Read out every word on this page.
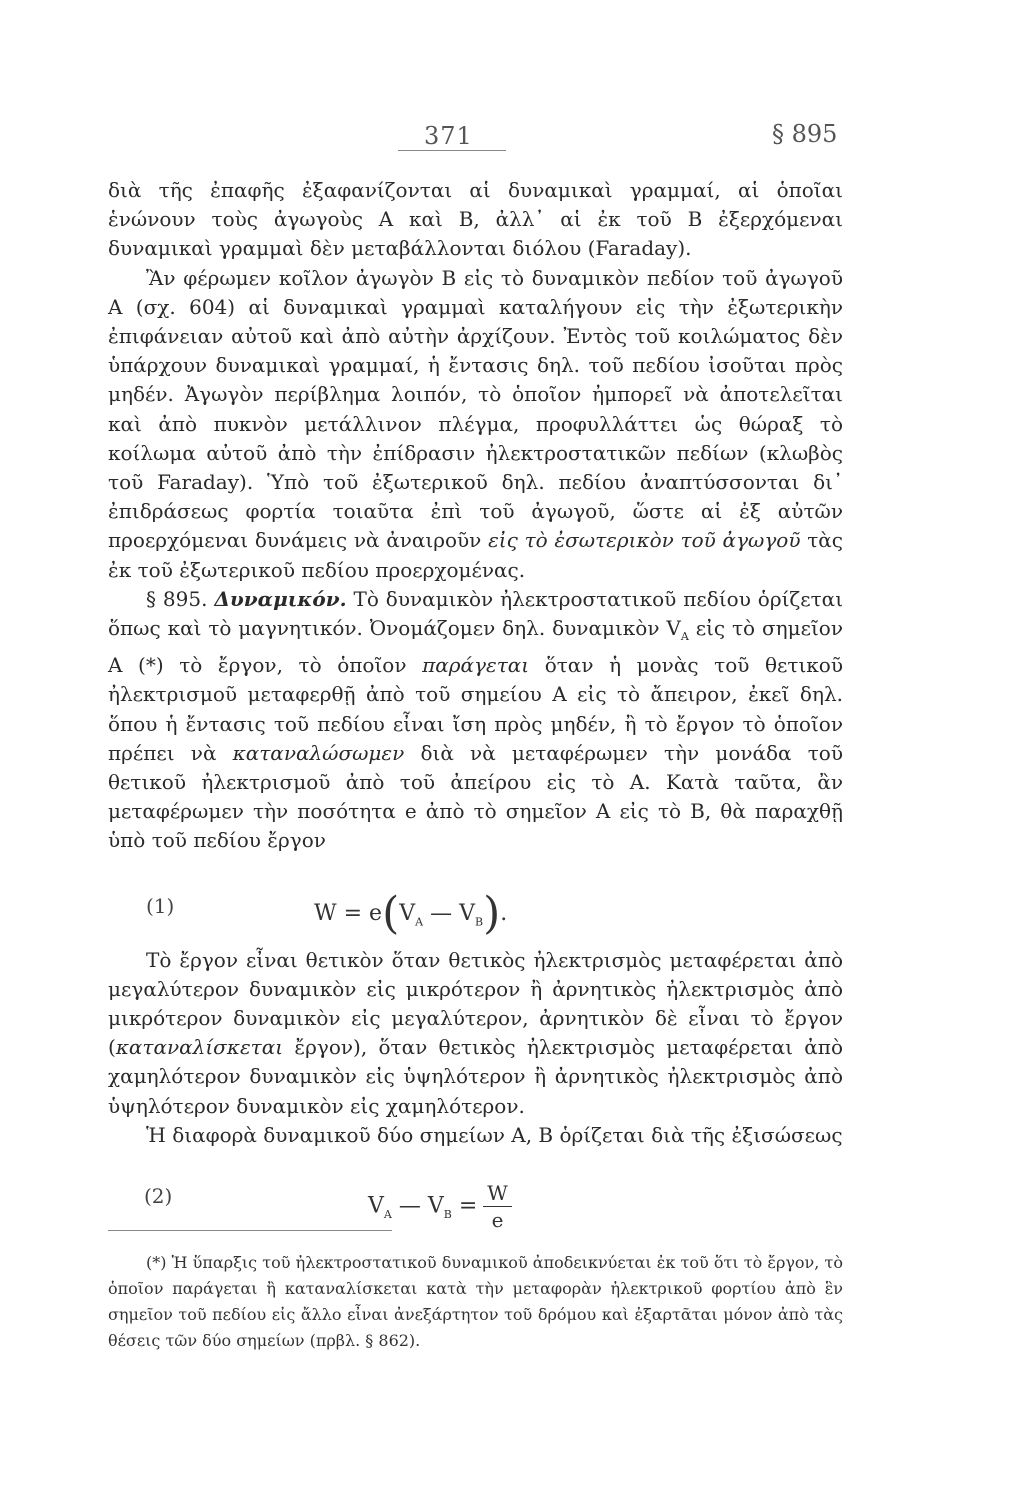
371	§ 895

διὰ τῆς ἐπαφῆς ἐξαφανίζονται αἱ δυναμικαὶ γραμμαί, αἱ ὁποῖαι ἑνώνουν τοὺς ἀγωγοὺς Α καὶ Β, ἀλλ᾽ αἱ ἐκ τοῦ Β ἐξερχόμεναι δυναμικαὶ γραμμαὶ δὲν μεταβάλλονται διόλου (Faraday).

Ἂν φέρωμεν κοῖλον ἀγωγὸν Β εἰς τὸ δυναμικὸν πεδίον τοῦ ἀγωγοῦ Α (σχ. 604) αἱ δυναμικαὶ γραμμαὶ καταλήγουν εἰς τὴν ἐξωτερικὴν ἐπιφάνειαν αὐτοῦ καὶ ἀπὸ αὐτὴν ἀρχίζουν. Ἐντὸς τοῦ κοιλώματος δὲν ὑπάρχουν δυναμικαὶ γραμμαί, ἡ ἔντασις δηλ. τοῦ πεδίου ἰσοῦται πρὸς μηδέν. Ἀγωγὸν περίβλημα λοιπόν, τὸ ὁποῖον ἠμπορεῖ νὰ ἀποτελεῖται καὶ ἀπὸ πυκνὸν μετάλλινον πλέγμα, προφυλλάττει ὡς θώραξ τὸ κοίλωμα αὐτοῦ ἀπὸ τὴν ἐπίδρασιν ἠλεκτροστατικῶν πεδίων (κλωβὸς τοῦ Faraday). Ὑπὸ τοῦ ἐξωτερικοῦ δηλ. πεδίου ἀναπτύσσονται δι᾽ ἐπιδράσεως φορτία τοιαῦτα ἐπὶ τοῦ ἀγωγοῦ, ὥστε αἱ ἐξ αὐτῶν προερχόμεναι δυνάμεις νὰ ἀναιροῦν εἰς τὸ ἐσωτερικὸν τοῦ ἀγωγοῦ τὰς ἐκ τοῦ ἐξωτερικοῦ πεδίου προερχομένας.

§ 895. Δυναμικόν. Τὸ δυναμικὸν ἠλεκτροστατικοῦ πεδίου ὁρίζεται ὅπως καὶ τὸ μαγνητικόν. Ὀνομάζομεν δηλ. δυναμικὸν $V_A$ εἰς τὸ σημεῖον Α (*) τὸ ἔργον, τὸ ὁποῖον παράγεται ὅταν ἡ μονὰς τοῦ θετικοῦ ἠλεκτρισμοῦ μεταφερθῇ ἀπὸ τοῦ σημείου Α εἰς τὸ ἄπειρον, ἐκεῖ δηλ. ὅπου ἡ ἔντασις τοῦ πεδίου εἶναι ἴση πρὸς μηδέν, ἢ τὸ ἔργον τὸ ὁποῖον πρέπει νὰ καταναλώσωμεν διὰ νὰ μεταφέρωμεν τὴν μονάδα τοῦ θετικοῦ ἠλεκτρισμοῦ ἀπὸ τοῦ ἀπείρου εἰς τὸ Α. Κατὰ ταῦτα, ἂν μεταφέρωμεν τὴν ποσότητα e ἀπὸ τὸ σημεῖον Α εἰς τὸ Β, θὰ παραχθῇ ὑπὸ τοῦ πεδίου ἔργον

(1)	$W = e(V_A$ — $V_B$).

Τὸ ἔργον εἶναι θετικὸν ὅταν θετικὸς ἠλεκτρισμὸς μεταφέρεται ἀπὸ μεγαλύτερον δυναμικὸν εἰς μικρότερον ἢ ἀρνητικὸς ἠλεκτρισμὸς ἀπὸ μικρότερον δυναμικὸν εἰς μεγαλύτερον, ἀρνητικὸν δὲ εἶναι τὸ ἔργον (καταναλίσκεται ἔργον), ὅταν θετικὸς ἠλεκτρισμὸς μεταφέρεται ἀπὸ χαμηλότερον δυναμικὸν εἰς ὑψηλότερον ἢ ἀρνητικὸς ἠλεκτρισμὸς ἀπὸ ὑψηλότερον δυναμικὸν εἰς χαμηλότερον.

Ἡ διαφορὰ δυναμικοῦ δύο σημείων Α, Β ὁρίζεται διὰ τῆς ἐξισώσεως

(2)	$V_A$ — $V_B = \frac{W}{e}$

(*) Ἡ ὕπαρξις τοῦ ἠλεκτροστατικοῦ δυναμικοῦ ἀποδεικνύεται ἐκ τοῦ ὅτι τὸ ἔργον, τὸ ὁποῖον παράγεται ἢ καταναλίσκεται κατὰ τὴν μεταφορὰν ἠλεκτρικοῦ φορτίου ἀπὸ ἓν σημεῖον τοῦ πεδίου εἰς ἄλλο εἶναι ἀνεξάρτητον τοῦ δρόμου καὶ ἐξαρτᾶται μόνον ἀπὸ τὰς θέσεις τῶν δύο σημείων (πρβλ. § 862).
